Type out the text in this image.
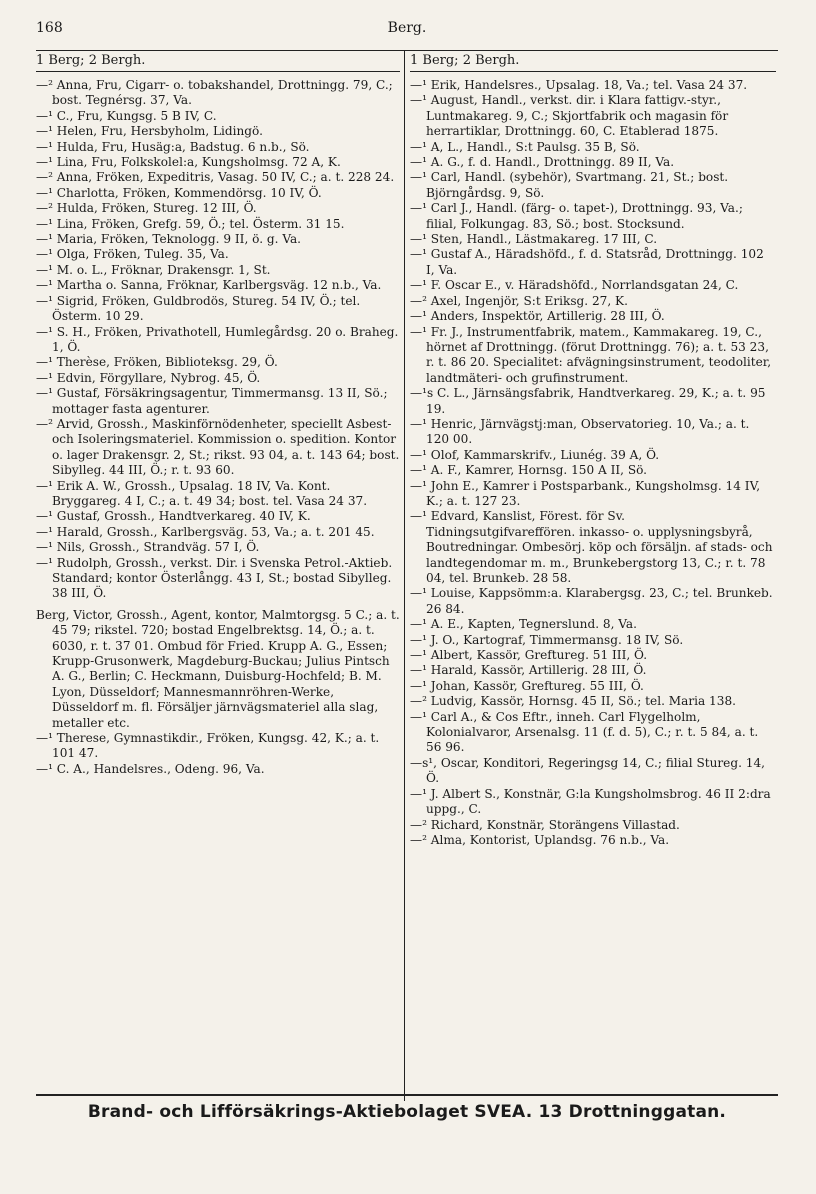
168	Berg.
1 Berg; 2 Bergh.

—² Anna, Fru, Cigarr- o. tobakshandel, Drottningg. 79, C.; bost. Tegnérsg. 37, Va.

—¹ C., Fru, Kungsg. 5 B IV, C.

—¹ Helen, Fru, Hersbyholm, Lidingö.

—¹ Hulda, Fru, Husäg:a, Badstug. 6 n.b., Sö.

—¹ Lina, Fru, Folkskolel:a, Kungsholmsg. 72 A, K.

—² Anna, Fröken, Expeditris, Vasag. 50 IV, C.; a. t. 228 24.

—¹ Charlotta, Fröken, Kommendörsg. 10 IV, Ö.

—² Hulda, Fröken, Stureg. 12 III, Ö.

—¹ Lina, Fröken, Grefg. 59, Ö.; tel. Österm. 31 15.

—¹ Maria, Fröken, Teknologg. 9 II, ö. g. Va.

—¹ Olga, Fröken, Tuleg. 35, Va.

—¹ M. o. L., Fröknar, Drakensgr. 1, St.

—¹ Martha o. Sanna, Fröknar, Karlbergsväg. 12 n.b., Va.

—¹ Sigrid, Fröken, Guldbrodös, Stureg. 54 IV, Ö.; tel. Österm. 10 29.

—¹ S. H., Fröken, Privathotell, Humlegårdsg. 20 o. Braheg. 1, Ö.

—¹ Therèse, Fröken, Biblioteksg. 29, Ö.

—¹ Edvin, Förgyllare, Nybrog. 45, Ö.

—¹ Gustaf, Försäkringsagentur, Timmermansg. 13 II, Sö.; mottager fasta agenturer.

—² Arvid, Grossh., Maskinförnödenheter, speciellt Asbest- och Isoleringsmateriel. Kommission o. spedition. Kontor o. lager Drakensgr. 2, St.; rikst. 93 04, a. t. 143 64; bost. Sibylleg. 44 III, Ö.; r. t. 93 60.

—¹ Erik A. W., Grossh., Upsalag. 18 IV, Va. Kont. Bryggareg. 4 I, C.; a. t. 49 34; bost. tel. Vasa 24 37.

—¹ Gustaf, Grossh., Handtverkareg. 40 IV, K.

—¹ Harald, Grossh., Karlbergsväg. 53, Va.; a. t. 201 45.

—¹ Nils, Grossh., Strandväg. 57 I, Ö.

—¹ Rudolph, Grossh., verkst. Dir. i Svenska Petrol.-Aktieb. Standard; kontor Österlångg. 43 I, St.; bostad Sibylleg. 38 III, Ö.

Berg, Victor, Grossh., Agent, kontor, Malmtorgsg. 5 C.; a. t. 45 79; rikstel. 720; bostad Engelbrektsg. 14, Ö.; a. t. 6030, r. t. 37 01. Ombud för Fried. Krupp A. G., Essen; Krupp-Grusonwerk, Magdeburg-Buckau; Julius Pintsch A. G., Berlin; C. Heckmann, Duisburg-Hochfeld; B. M. Lyon, Düsseldorf; Mannesmannröhren-Werke, Düsseldorf m. fl. Försäljer järnvägsmateriel alla slag, metaller etc.

—¹ Therese, Gymnastikdir., Fröken, Kungsg. 42, K.; a. t. 101 47.

—¹ C. A., Handelsres., Odeng. 96, Va.

1 Berg; 2 Bergh.

—¹ Erik, Handelsres., Upsalag. 18, Va.; tel. Vasa 24 37.

—¹ August, Handl., verkst. dir. i Klara fattigv.-styr., Luntmakareg. 9, C.; Skjortfabrik och magasin för herrartiklar, Drottningg. 60, C. Etablerad 1875.

—¹ A, L., Handl., S:t Paulsg. 35 B, Sö.

—¹ A. G., f. d. Handl., Drottningg. 89 II, Va.

—¹ Carl, Handl. (sybehör), Svartmang. 21, St.; bost. Björngårdsg. 9, Sö.

—¹ Carl J., Handl. (färg- o. tapet-), Drottningg. 93, Va.; filial, Folkungag. 83, Sö.; bost. Stocksund.

—¹ Sten, Handl., Lästmakareg. 17 III, C.

—¹ Gustaf A., Häradshöfd., f. d. Statsråd, Drottningg. 102 I, Va.

—¹ F. Oscar E., v. Häradshöfd., Norrlandsgatan 24, C.

—² Axel, Ingenjör, S:t Eriksg. 27, K.

—¹ Anders, Inspektör, Artillerig. 28 III, Ö.

—¹ Fr. J., Instrumentfabrik, matem., Kammakareg. 19, C., hörnet af Drottningg. (förut Drottningg. 76); a. t. 53 23, r. t. 86 20. Specialitet: afvägningsinstrument, teodoliter, landtmäteri- och grufinstrument.

—¹s C. L., Järnsängsfabrik, Handtverkareg. 29, K.; a. t. 95 19.

—¹ Henric, Järnvägstj:man, Observatorieg. 10, Va.; a. t. 120 00.

—¹ Olof, Kammarskrifv., Liunég. 39 A, Ö.

—¹ A. F., Kamrer, Hornsg. 150 A II, Sö.

—¹ John E., Kamrer i Postsparbank., Kungsholmsg. 14 IV, K.; a. t. 127 23.

—¹ Edvard, Kanslist, Förest. för Sv. Tidningsutgifvareffören. inkasso- o. upplysningsbyrå, Boutredningar. Ombesörj. köp och försäljn. af stads- och landtegendomar m. m., Brunkebergstorg 13, C.; r. t. 78 04, tel. Brunkeb. 28 58.

—¹ Louise, Kappsömm:a. Klarabergsg. 23, C.; tel. Brunkeb. 26 84.

—¹ A. E., Kapten, Tegnerslund. 8, Va.

—¹ J. O., Kartograf, Timmermansg. 18 IV, Sö.

—¹ Albert, Kassör, Greftureg. 51 III, Ö.

—¹ Harald, Kassör, Artillerig. 28 III, Ö.

—¹ Johan, Kassör, Greftureg. 55 III, Ö.

—² Ludvig, Kassör, Hornsg. 45 II, Sö.; tel. Maria 138.

—¹ Carl A., & Cos Eftr., inneh. Carl Flygelholm, Kolonialvaror, Arsenalsg. 11 (f. d. 5), C.; r. t. 5 84, a. t. 56 96.

—s¹, Oscar, Konditori, Regeringsg 14, C.; filial Stureg. 14, Ö.

—¹ J. Albert S., Konstnär, G:la Kungsholmsbrog. 46 II 2:dra uppg., C.

—² Richard, Konstnär, Storängens Villastad.

—² Alma, Kontorist, Uplandsg. 76 n.b., Va.

Brand- och Lifförsäkrings-Aktiebolaget SVEA. 13 Drottninggatan.
